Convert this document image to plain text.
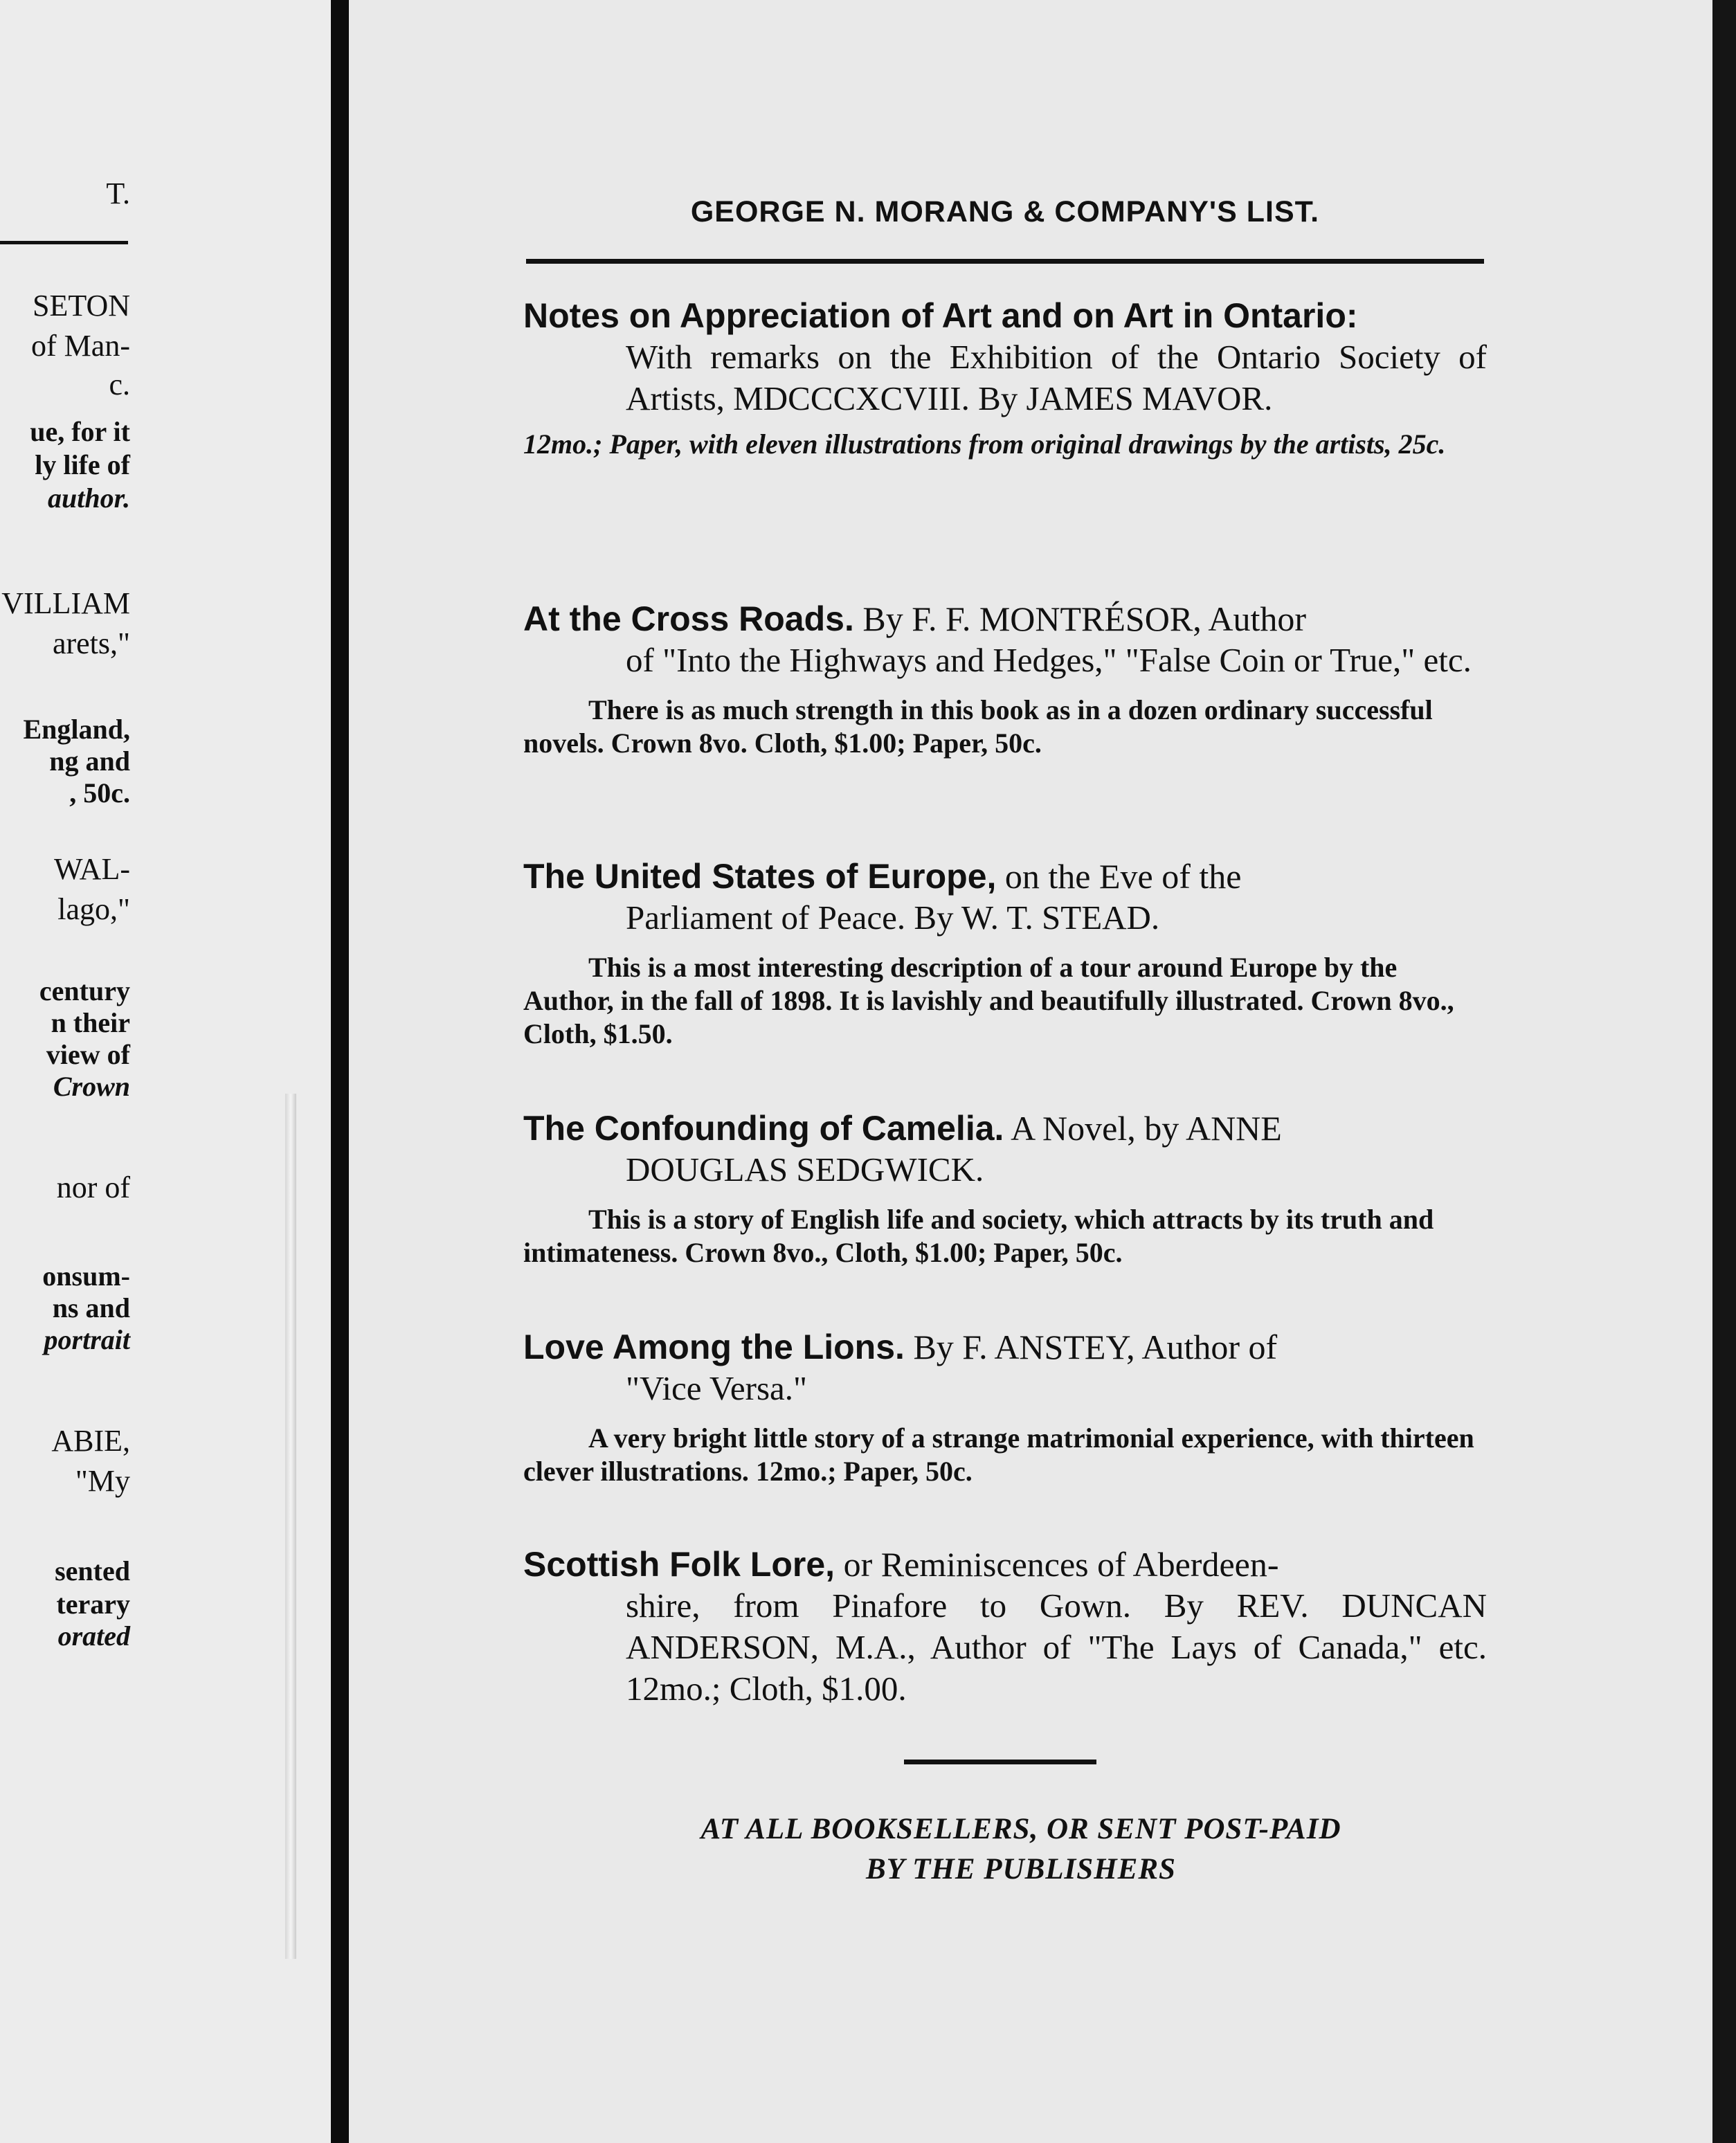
T.
SETON
of Man-
c.
ue, for it
ly life of
author.
VILLIAM
arets,"
England,
ng and
, 50c.
WAL-
lago,"
century
n their
view of
Crown
nor of
onsum-
ns and
portrait
ABIE,
"My
sented
terary
orated
GEORGE N. MORANG & COMPANY'S LIST.
Notes on Appreciation of Art and on Art in Ontario:
With remarks on the Exhibition of the Ontario Society of Artists, MDCCCXCVIII. By JAMES MAVOR.
12mo.; Paper, with eleven illustrations from original drawings by the artists, 25c.
At the Cross Roads. By F. F. MONTRÉSOR, Author
of "Into the Highways and Hedges," "False Coin or True," etc.
There is as much strength in this book as in a dozen ordinary successful novels. Crown 8vo. Cloth, $1.00; Paper, 50c.
The United States of Europe, on the Eve of the
Parliament of Peace. By W. T. STEAD.
This is a most interesting description of a tour around Europe by the Author, in the fall of 1898. It is lavishly and beautifully illustrated. Crown 8vo., Cloth, $1.50.
The Confounding of Camelia. A Novel, by ANNE
DOUGLAS SEDGWICK.
This is a story of English life and society, which attracts by its truth and intimateness. Crown 8vo., Cloth, $1.00; Paper, 50c.
Love Among the Lions. By F. ANSTEY, Author of
"Vice Versa."
A very bright little story of a strange matrimonial experience, with thirteen clever illustrations. 12mo.; Paper, 50c.
Scottish Folk Lore, or Reminiscences of Aberdeen-
shire, from Pinafore to Gown. By REV. DUNCAN ANDERSON, M.A., Author of "The Lays of Canada," etc. 12mo.; Cloth, $1.00.
AT ALL BOOKSELLERS, OR SENT POST-PAID
BY THE PUBLISHERS
